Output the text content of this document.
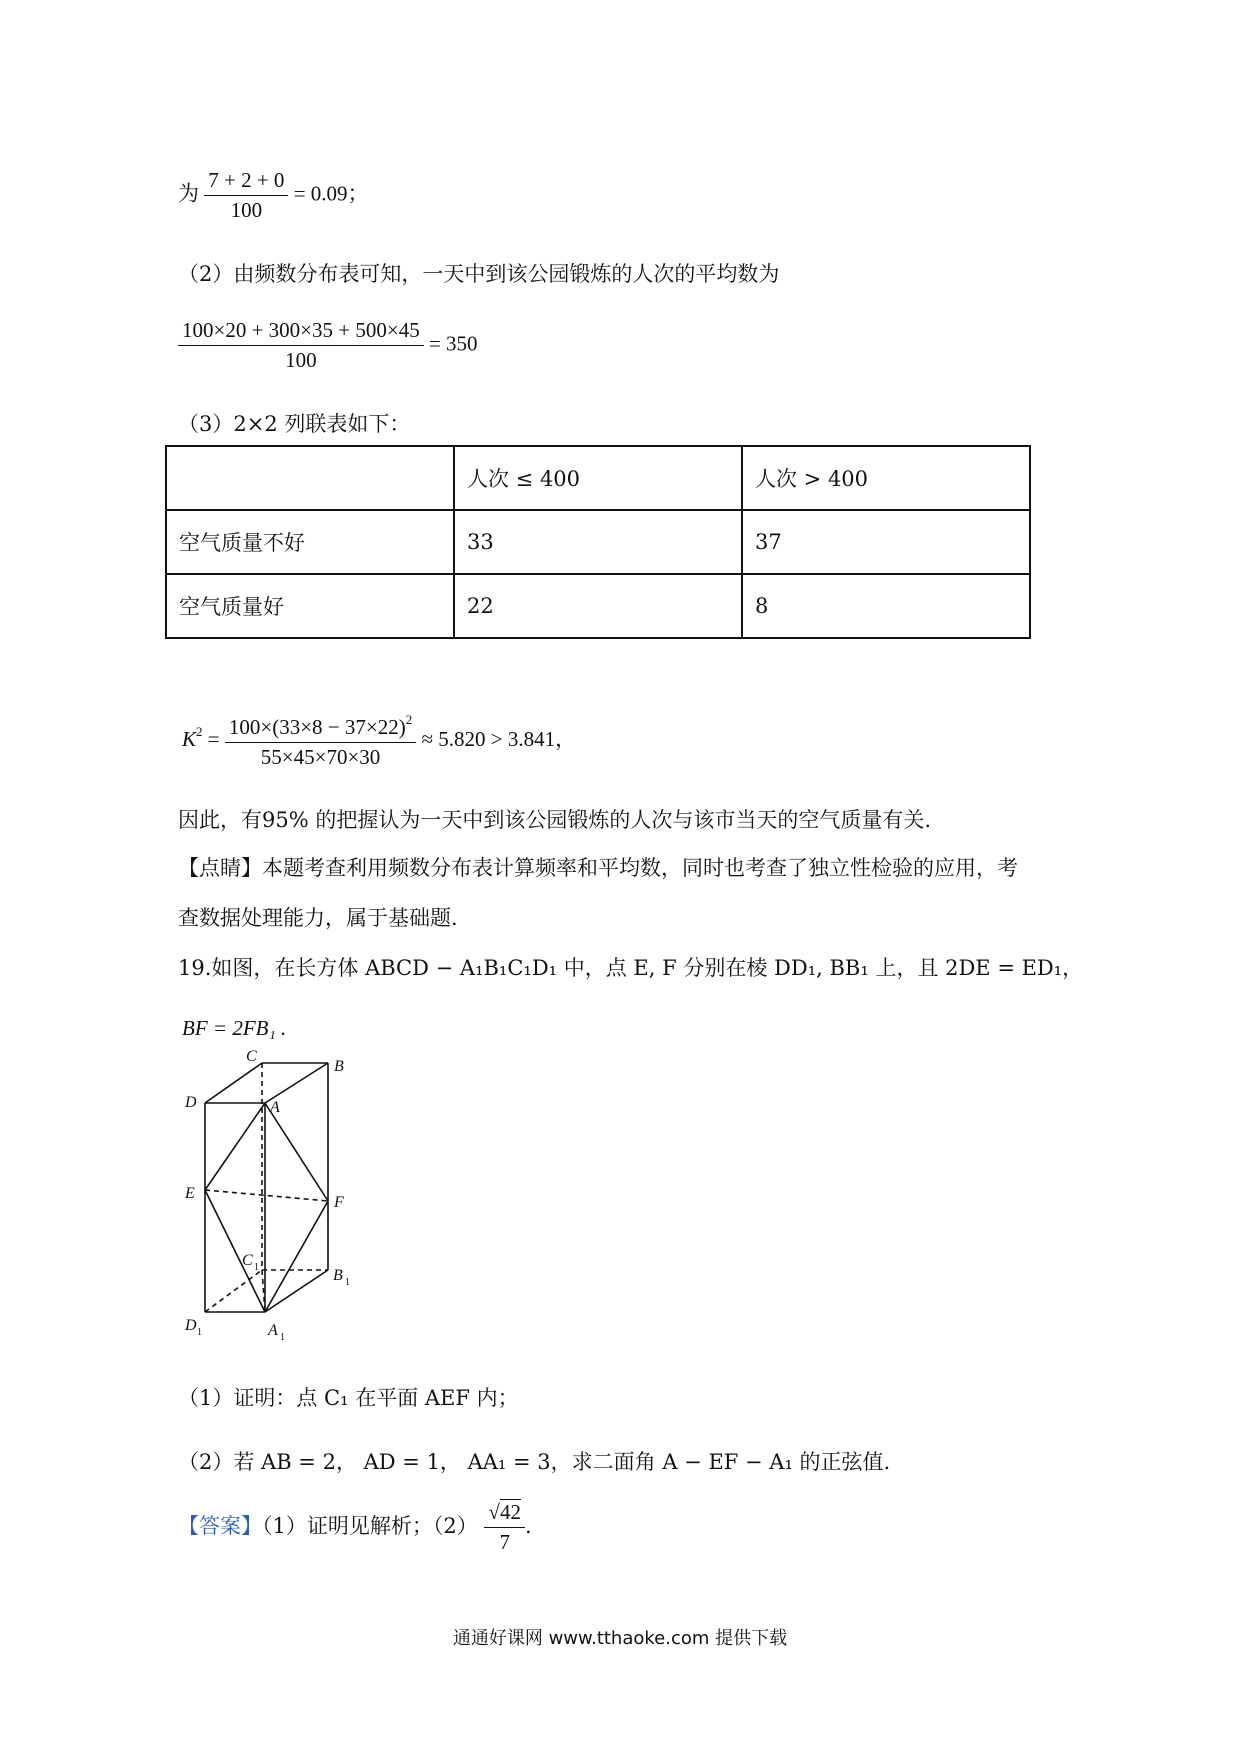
为 $\frac{7 + 2 + 0}{100} = 0.09$；
（2）由频数分布表可知，一天中到该公园锻炼的人次的平均数为
$\frac{100\times 20 + 300\times 35 + 500\times 45}{100} = 350$
（3）2×2 列联表如下：
	人次 ≤ 400	人次 > 400
空气质量不好	33	37
空气质量好	22	8
$K^2 = \frac{100\times(33\times 8 - 37\times 22)^2}{55\times 45\times 70\times 30} \approx 5.820 > 3.841$，
因此，有95% 的把握认为一天中到该公园锻炼的人次与该市当天的空气质量有关.
【点睛】本题考查利用频数分布表计算频率和平均数，同时也考查了独立性检验的应用，考
查数据处理能力，属于基础题.
19.如图，在长方体 ABCD − A₁B₁C₁D₁ 中，点 E, F 分别在棱 DD₁, BB₁ 上，且 2DE = ED₁，
BF = 2FB₁ .
C
B
D	A
E
F
C 1	B 1
D 1	A 1
（1）证明：点 C₁ 在平面 AEF 内；
（2）若 AB = 2， AD = 1， AA₁ = 3，求二面角 A − EF − A₁ 的正弦值.
【答案】（1）证明见解析；$(2) \frac{√42}{7}$ .
通通好课网 www.tthaoke.com 提供下载
